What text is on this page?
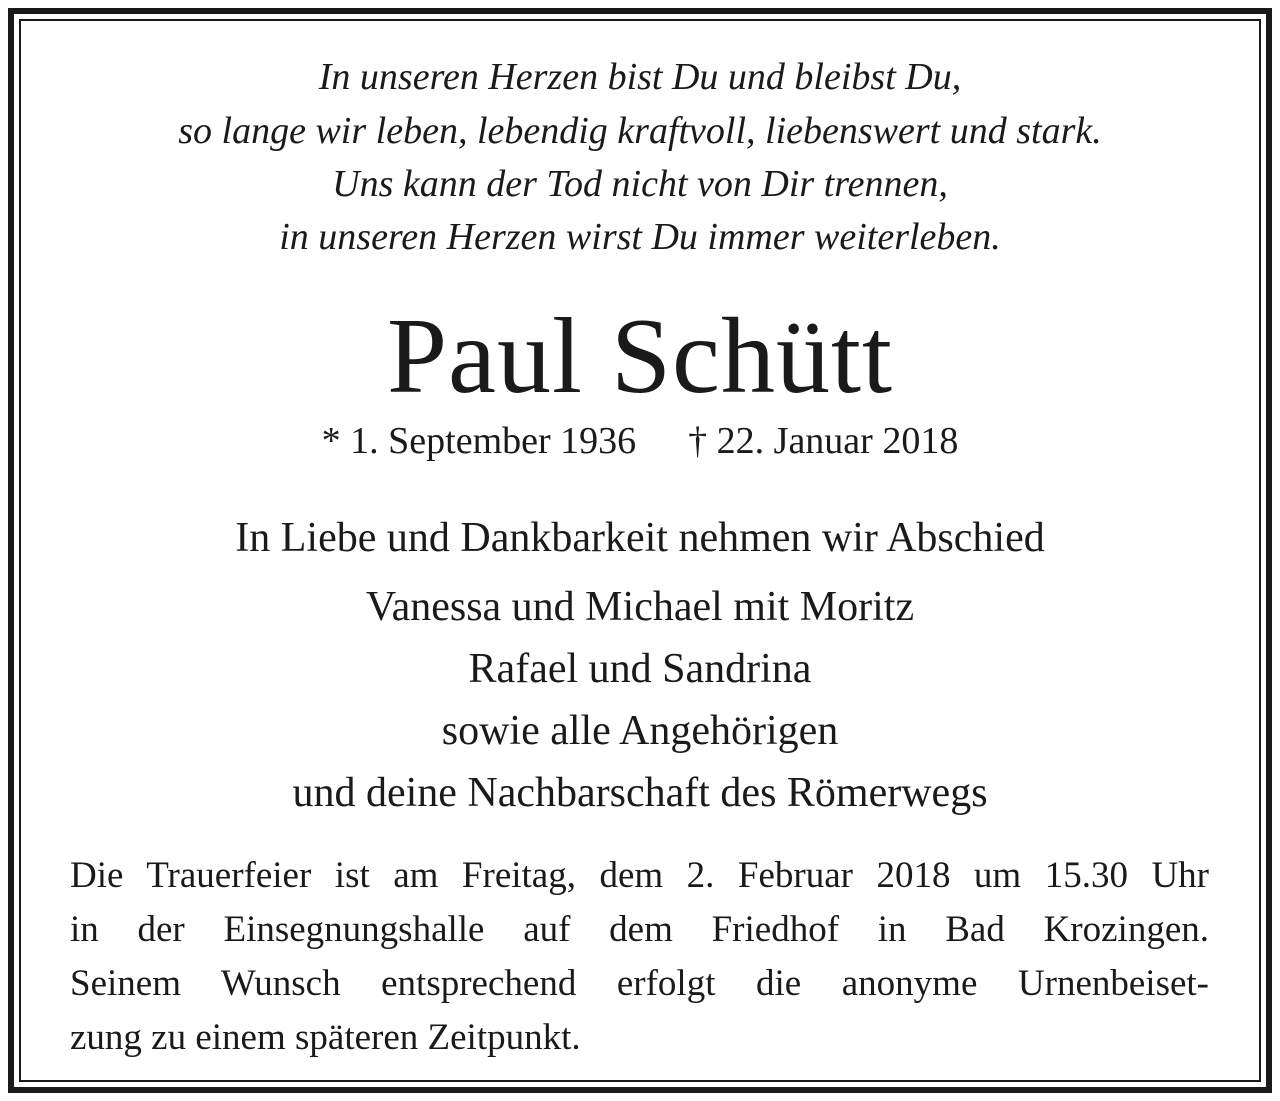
In unseren Herzen bist Du und bleibst Du,

so lange wir leben, lebendig kraftvoll, liebenswert und stark.

Uns kann der Tod nicht von Dir trennen,

in unseren Herzen wirst Du immer weiterleben.

Paul Schütt

* 1. September 1936 † 22. Januar 2018

In Liebe und Dankbarkeit nehmen wir Abschied

Vanessa und Michael mit Moritz

Rafael und Sandrina

sowie alle Angehörigen

und deine Nachbarschaft des Römerwegs

Die Trauerfeier ist am Freitag, dem 2. Februar 2018 um 15.30 Uhr
in der Einsegnungshalle auf dem Friedhof in Bad Krozingen.
Seinem Wunsch entsprechend erfolgt die anonyme Urnenbeiset-
zung zu einem späteren Zeitpunkt.
